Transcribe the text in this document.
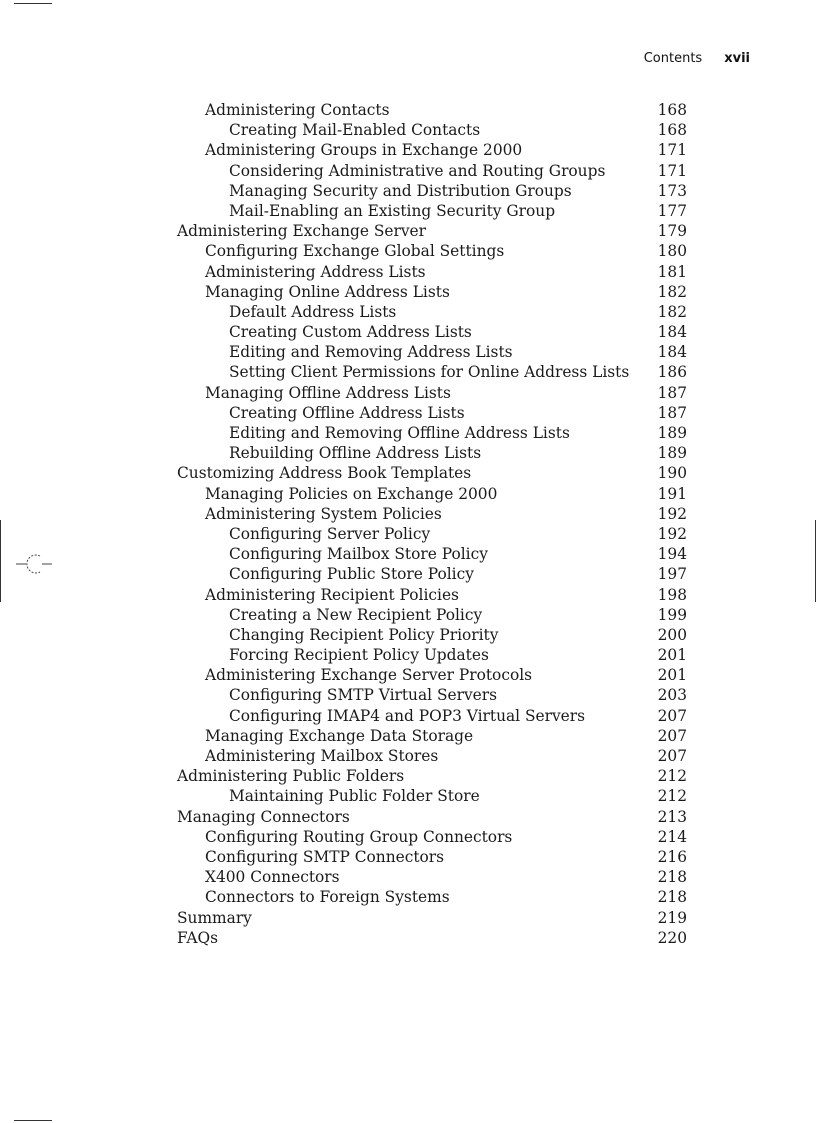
Contents xvii
Administering Contacts	168
Creating Mail-Enabled Contacts	168
Administering Groups in Exchange 2000	171
Considering Administrative and Routing Groups	171
Managing Security and Distribution Groups	173
Mail-Enabling an Existing Security Group	177
Administering Exchange Server	179
Configuring Exchange Global Settings	180
Administering Address Lists	181
Managing Online Address Lists	182
Default Address Lists	182
Creating Custom Address Lists	184
Editing and Removing Address Lists	184
Setting Client Permissions for Online Address Lists	186
Managing Offline Address Lists	187
Creating Offline Address Lists	187
Editing and Removing Offline Address Lists	189
Rebuilding Offline Address Lists	189
Customizing Address Book Templates	190
Managing Policies on Exchange 2000	191
Administering System Policies	192
Configuring Server Policy	192
Configuring Mailbox Store Policy	194
Configuring Public Store Policy	197
Administering Recipient Policies	198
Creating a New Recipient Policy	199
Changing Recipient Policy Priority	200
Forcing Recipient Policy Updates	201
Administering Exchange Server Protocols	201
Configuring SMTP Virtual Servers	203
Configuring IMAP4 and POP3 Virtual Servers	207
Managing Exchange Data Storage	207
Administering Mailbox Stores	207
Administering Public Folders	212
Maintaining Public Folder Store	212
Managing Connectors	213
Configuring Routing Group Connectors	214
Configuring SMTP Connectors	216
X400 Connectors	218
Connectors to Foreign Systems	218
Summary	219
FAQs	220
